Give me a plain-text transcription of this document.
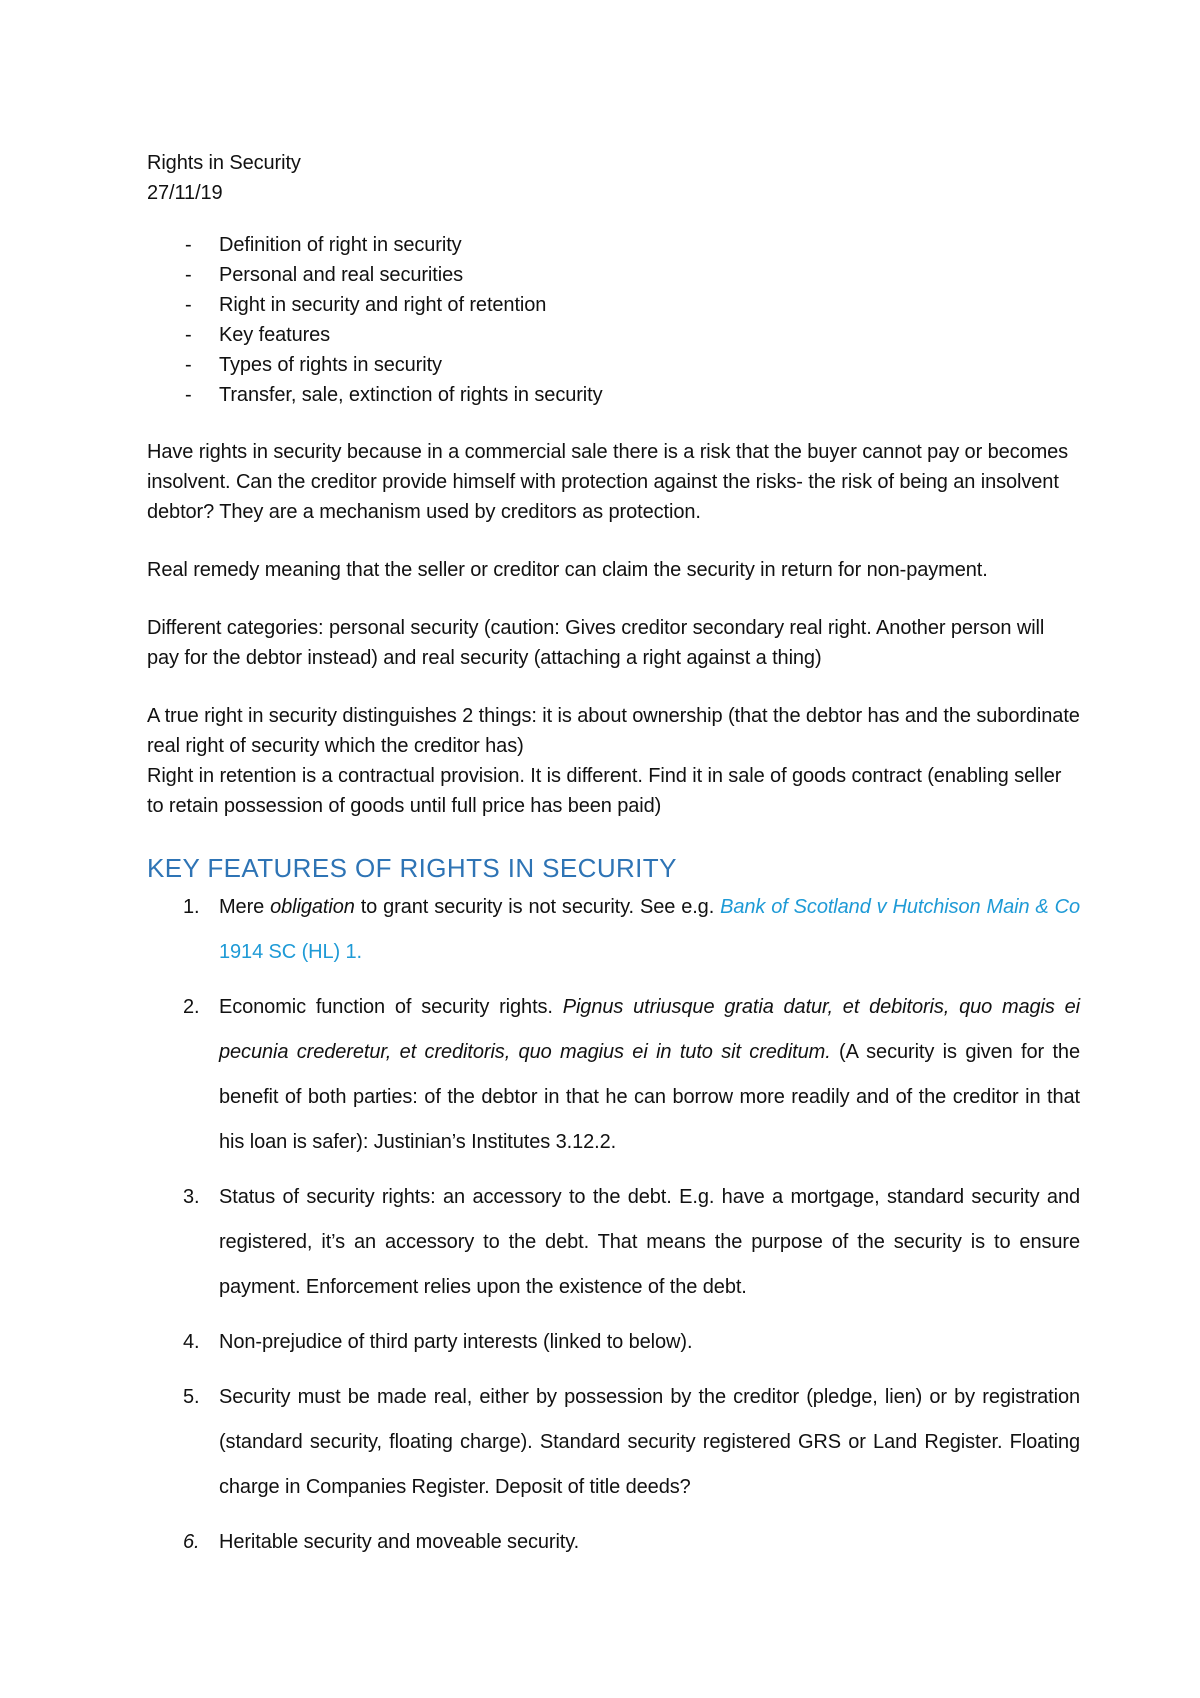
Rights in Security

27/11/19

- Definition of right in security
- Personal and real securities
- Right in security and right of retention
- Key features
- Types of rights in security
- Transfer, sale, extinction of rights in security

Have rights in security because in a commercial sale there is a risk that the buyer cannot pay or becomes insolvent. Can the creditor provide himself with protection against the risks- the risk of being an insolvent debtor? They are a mechanism used by creditors as protection.

Real remedy meaning that the seller or creditor can claim the security in return for non-payment.

Different categories: personal security (caution: Gives creditor secondary real right. Another person will pay for the debtor instead) and real security (attaching a right against a thing)

A true right in security distinguishes 2 things: it is about ownership (that the debtor has and the subordinate real right of security which the creditor has)

Right in retention is a contractual provision. It is different. Find it in sale of goods contract (enabling seller to retain possession of goods until full price has been paid)

KEY FEATURES OF RIGHTS IN SECURITY
1. Mere obligation to grant security is not security. See e.g. Bank of Scotland v Hutchison Main & Co 1914 SC (HL) 1.
2. Economic function of security rights. Pignus utriusque gratia datur, et debitoris, quo magis ei pecunia crederetur, et creditoris, quo magius ei in tuto sit creditum. (A security is given for the benefit of both parties: of the debtor in that he can borrow more readily and of the creditor in that his loan is safer): Justinian’s Institutes 3.12.2.
3. Status of security rights: an accessory to the debt. E.g. have a mortgage, standard security and registered, it’s an accessory to the debt. That means the purpose of the security is to ensure payment. Enforcement relies upon the existence of the debt.
4. Non-prejudice of third party interests (linked to below).
5. Security must be made real, either by possession by the creditor (pledge, lien) or by registration (standard security, floating charge). Standard security registered GRS or Land Register. Floating charge in Companies Register. Deposit of title deeds?
6. Heritable security and moveable security.
